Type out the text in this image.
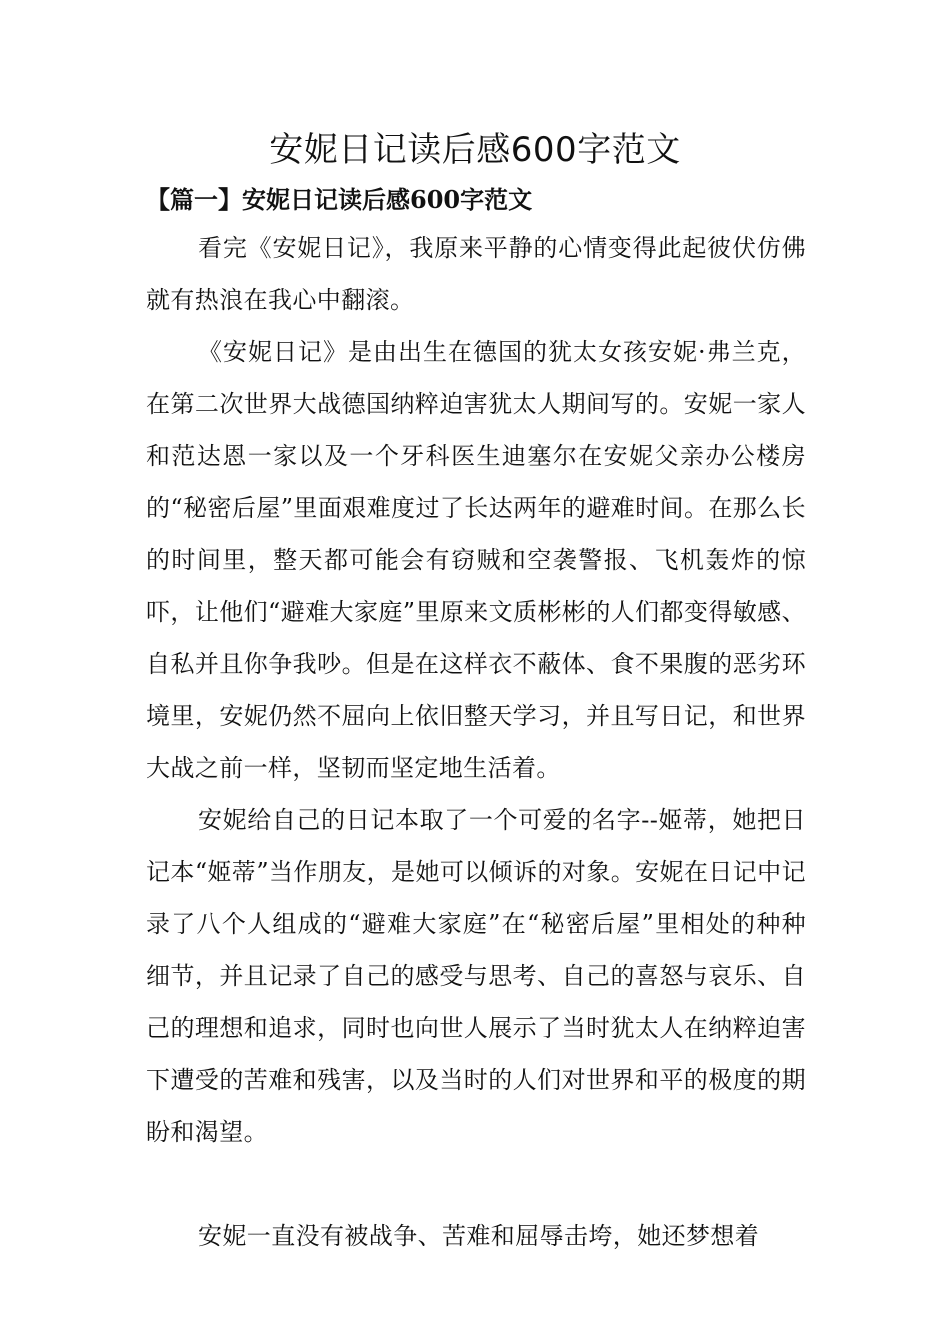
安妮日记读后感600字范文
【篇一】安妮日记读后感600字范文

看完《安妮日记》，我原来平静的心情变得此起彼伏仿佛就有热浪在我心中翻滚。

《安妮日记》是由出生在德国的犹太女孩安妮·弗兰克，在第二次世界大战德国纳粹迫害犹太人期间写的。安妮一家人和范达恩一家以及一个牙科医生迪塞尔在安妮父亲办公楼房的“秘密后屋”里面艰难度过了长达两年的避难时间。在那么长的时间里，整天都可能会有窃贼和空袭警报、飞机轰炸的惊吓，让他们“避难大家庭”里原来文质彬彬的人们都变得敏感、自私并且你争我吵。但是在这样衣不蔽体、食不果腹的恶劣环境里，安妮仍然不屈向上依旧整天学习，并且写日记，和世界大战之前一样，坚韧而坚定地生活着。

安妮给自己的日记本取了一个可爱的名字--姬蒂，她把日记本“姬蒂”当作朋友，是她可以倾诉的对象。安妮在日记中记录了八个人组成的“避难大家庭”在“秘密后屋”里相处的种种细节，并且记录了自己的感受与思考、自己的喜怒与哀乐、自己的理想和追求，同时也向世人展示了当时犹太人在纳粹迫害下遭受的苦难和残害，以及当时的人们对世界和平的极度的期盼和渴望。

安妮一直没有被战争、苦难和屈辱击垮，她还梦想着
